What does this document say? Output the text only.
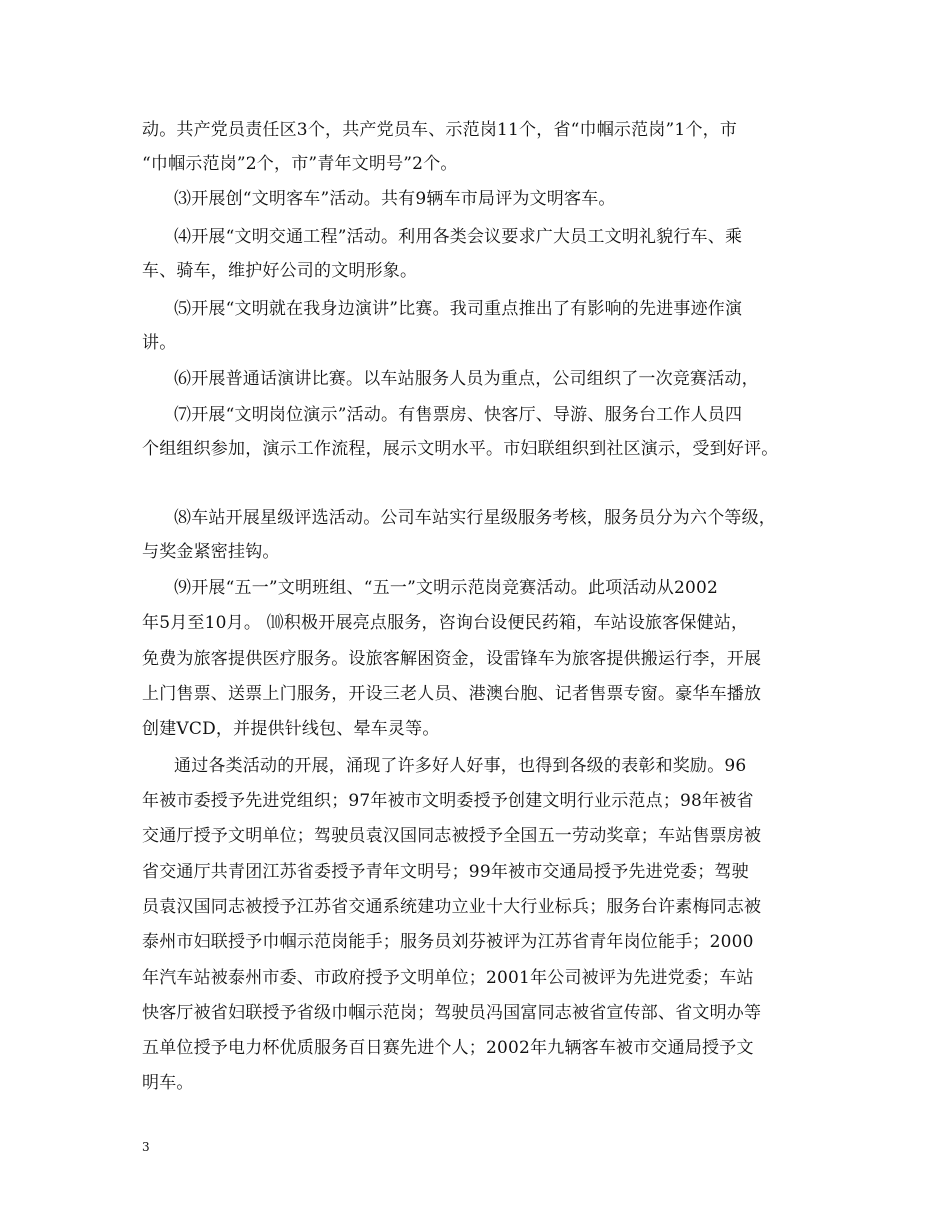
动。共产党员责任区3个，共产党员车、示范岗11个，省“巾帼示范岗”1个，市
“巾帼示范岗”2个，市”青年文明号”2个。
⑶开展创“文明客车”活动。共有9辆车市局评为文明客车。
⑷开展“文明交通工程”活动。利用各类会议要求广大员工文明礼貌行车、乘
车、骑车，维护好公司的文明形象。
⑸开展“文明就在我身边演讲”比赛。我司重点推出了有影响的先进事迹作演
讲。
⑹开展普通话演讲比赛。以车站服务人员为重点，公司组织了一次竞赛活动，
⑺开展“文明岗位演示”活动。有售票房、快客厅、导游、服务台工作人员四
个组组织参加，演示工作流程，展示文明水平。市妇联组织到社区演示，受到好评。
⑻车站开展星级评选活动。公司车站实行星级服务考核，服务员分为六个等级，
与奖金紧密挂钩。
⑼开展“五一”文明班组、“五一”文明示范岗竞赛活动。此项活动从2002
年5月至10月。 ⑽积极开展亮点服务，咨询台设便民药箱，车站设旅客保健站，
免费为旅客提供医疗服务。设旅客解困资金，设雷锋车为旅客提供搬运行李，开展
上门售票、送票上门服务，开设三老人员、港澳台胞、记者售票专窗。豪华车播放
创建VCD，并提供针线包、晕车灵等。
通过各类活动的开展，涌现了许多好人好事，也得到各级的表彰和奖励。96
年被市委授予先进党组织；97年被市文明委授予创建文明行业示范点；98年被省
交通厅授予文明单位；驾驶员袁汉国同志被授予全国五一劳动奖章；车站售票房被
省交通厅共青团江苏省委授予青年文明号；99年被市交通局授予先进党委；驾驶
员袁汉国同志被授予江苏省交通系统建功立业十大行业标兵；服务台许素梅同志被
泰州市妇联授予巾帼示范岗能手；服务员刘芬被评为江苏省青年岗位能手；2000
年汽车站被泰州市委、市政府授予文明单位；2001年公司被评为先进党委；车站
快客厅被省妇联授予省级巾帼示范岗；驾驶员冯国富同志被省宣传部、省文明办等
五单位授予电力杯优质服务百日赛先进个人；2002年九辆客车被市交通局授予文
明车。
3
